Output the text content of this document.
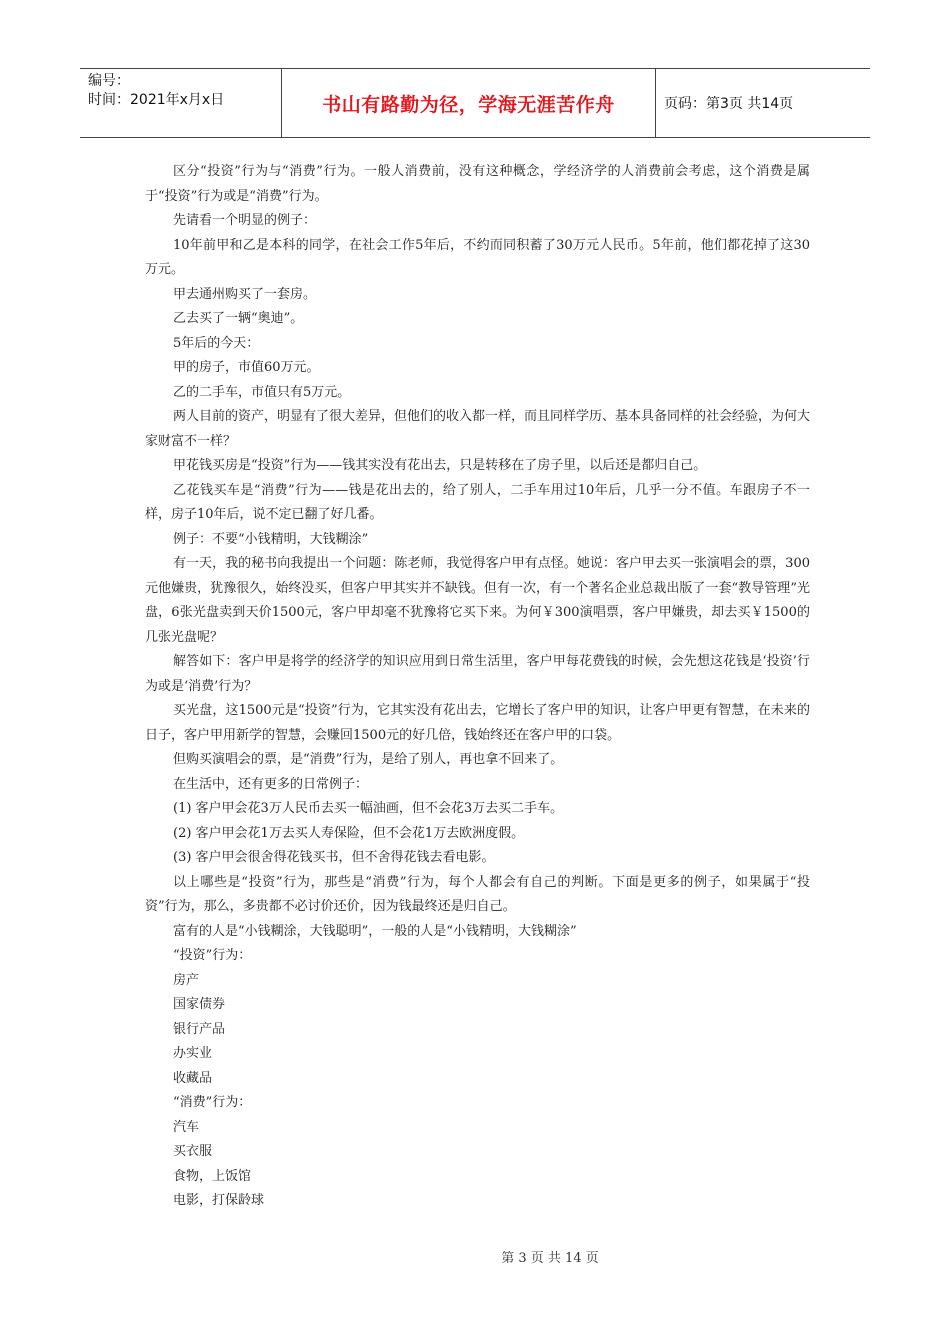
编号：
时间：2021年x月x日	书山有路勤为径，学海无涯苦作舟	页码：第3页 共14页

区分“投资”行为与“消费”行为。一般人消费前，没有这种概念，学经济学的人消费前会考虑，这个消费是属于“投资”行为或是“消费”行为。

先请看一个明显的例子：

10年前甲和乙是本科的同学，在社会工作5年后，不约而同积蓄了30万元人民币。5年前，他们都花掉了这30万元。

甲去通州购买了一套房。

乙去买了一辆“奥迪”。

5年后的今天：

甲的房子，市值60万元。

乙的二手车，市值只有5万元。

两人目前的资产，明显有了很大差异，但他们的收入都一样，而且同样学历、基本具备同样的社会经验，为何大家财富不一样？

甲花钱买房是“投资”行为——钱其实没有花出去，只是转移在了房子里，以后还是都归自己。

乙花钱买车是“消费”行为——钱是花出去的，给了别人，二手车用过10年后，几乎一分不值。车跟房子不一样，房子10年后，说不定已翻了好几番。

例子：不要“小钱精明，大钱糊涂”

有一天，我的秘书向我提出一个问题：陈老师，我觉得客户甲有点怪。她说：客户甲去买一张演唱会的票，300元他嫌贵，犹豫很久，始终没买，但客户甲其实并不缺钱。但有一次，有一个著名企业总裁出版了一套“教导管理”光盘，6张光盘卖到天价1500元，客户甲却毫不犹豫将它买下来。为何￥300演唱票，客户甲嫌贵，却去买￥1500的几张光盘呢？

解答如下：客户甲是将学的经济学的知识应用到日常生活里，客户甲每花费钱的时候，会先想这花钱是‘投资’行为或是‘消费’行为？

买光盘，这1500元是“投资”行为，它其实没有花出去，它增长了客户甲的知识，让客户甲更有智慧，在未来的日子，客户甲用新学的智慧，会赚回1500元的好几倍，钱始终还在客户甲的口袋。

但购买演唱会的票，是“消费”行为，是给了别人，再也拿不回来了。

在生活中，还有更多的日常例子：

(1) 客户甲会花3万人民币去买一幅油画，但不会花3万去买二手车。

(2) 客户甲会花1万去买人寿保险，但不会花1万去欧洲度假。

(3) 客户甲会很舍得花钱买书，但不舍得花钱去看电影。

以上哪些是“投资”行为，那些是“消费”行为，每个人都会有自己的判断。下面是更多的例子，如果属于“投资”行为，那么，多贵都不必讨价还价，因为钱最终还是归自己。

富有的人是“小钱糊涂，大钱聪明”，一般的人是“小钱精明，大钱糊涂”

“投资”行为：

房产

国家债券

银行产品

办实业

收藏品

“消费”行为：

汽车

买衣服

食物，上饭馆

电影，打保龄球

第 3 页 共 14 页
